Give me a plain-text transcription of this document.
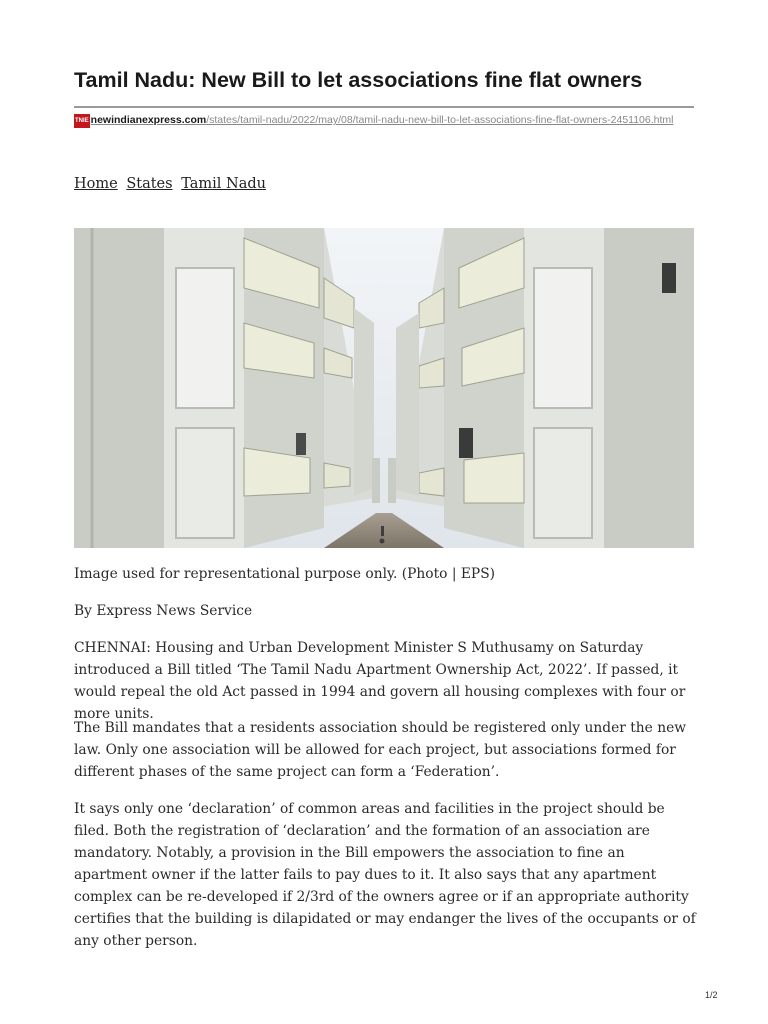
Tamil Nadu: New Bill to let associations fine flat owners
TNIE newindianexpress.com/states/tamil-nadu/2022/may/08/tamil-nadu-new-bill-to-let-associations-fine-flat-owners-2451106.html
Home States Tamil Nadu

Image used for representational purpose only. (Photo | EPS)

By Express News Service

CHENNAI: Housing and Urban Development Minister S Muthusamy on Saturday introduced a Bill titled ‘The Tamil Nadu Apartment Ownership Act, 2022’. If passed, it would repeal the old Act passed in 1994 and govern all housing complexes with four or more units.

The Bill mandates that a residents association should be registered only under the new law. Only one association will be allowed for each project, but associations formed for different phases of the same project can form a ‘Federation’.

It says only one ‘declaration’ of common areas and facilities in the project should be filed. Both the registration of ‘declaration’ and the formation of an association are mandatory. Notably, a provision in the Bill empowers the association to fine an apartment owner if the latter fails to pay dues to it. It also says that any apartment complex can be re-developed if 2/3rd of the owners agree or if an appropriate authority certifies that the building is dilapidated or may endanger the lives of the occupants or of any other person.

1/2
